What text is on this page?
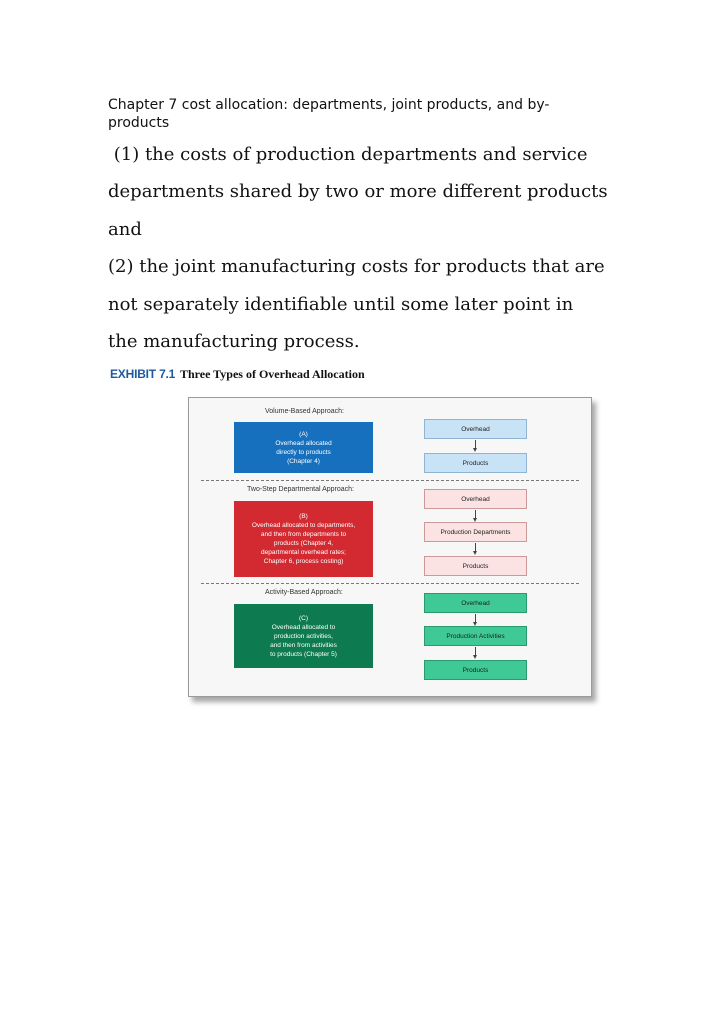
Chapter 7 cost allocation: departments, joint products, and by-products

(1) the costs of production departments and service departments shared by two or more different products and

(2) the joint manufacturing costs for products that are not separately identifiable until some later point in the manufacturing process.

EXHIBIT 7.1 Three Types of Overhead Allocation
Volume-Based Approach:
(A)
Overhead allocated
directly to products
(Chapter 4)
Overhead
Products
Two-Step Departmental Approach:
(B)
Overhead allocated to departments,
and then from departments to
products (Chapter 4,
departmental overhead rates;
Chapter 6, process costing)
Overhead
Production Departments
Products
Activity-Based Approach:
(C)
Overhead allocated to
production activities,
and then from activities
to products (Chapter 5)
Overhead
Production Activities
Products
